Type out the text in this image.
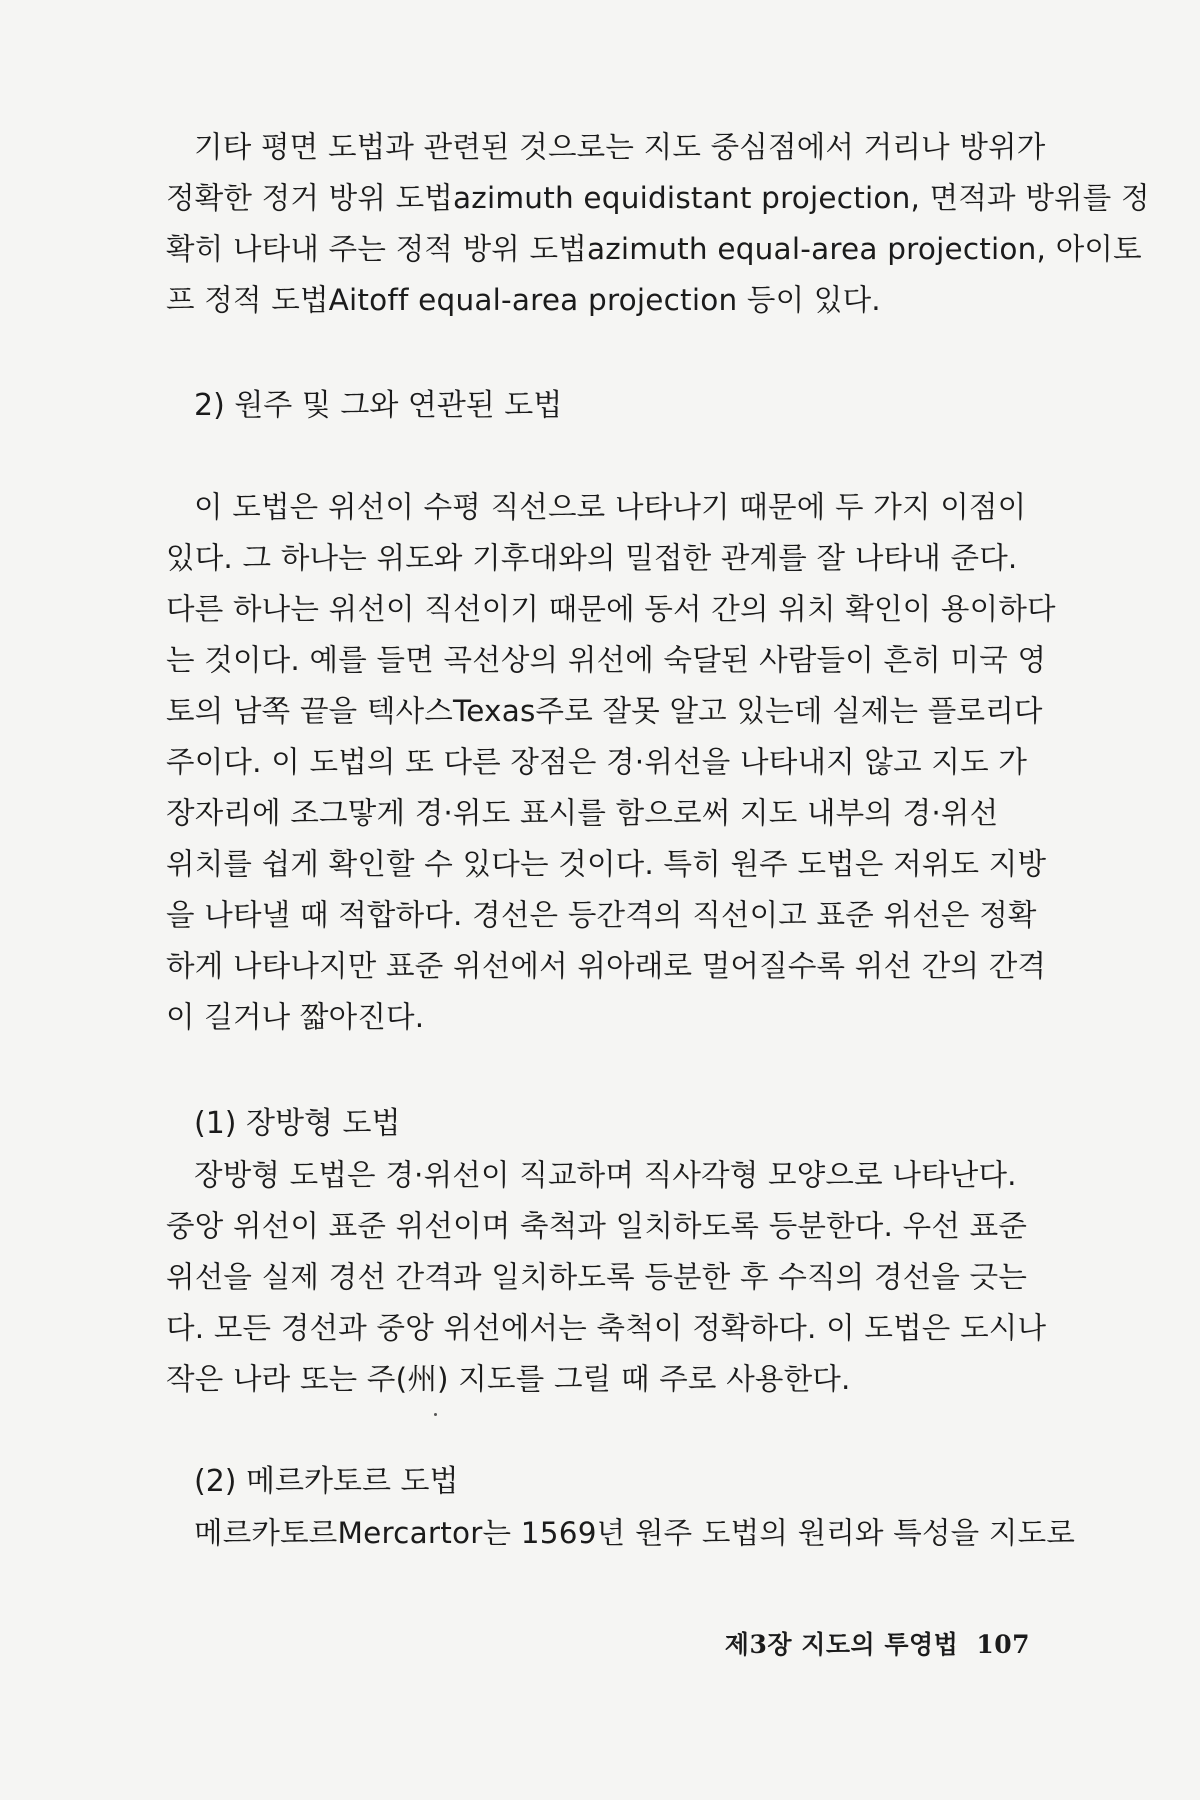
기타 평면 도법과 관련된 것으로는 지도 중심점에서 거리나 방위가
정확한 정거 방위 도법azimuth equidistant projection, 면적과 방위를 정
확히 나타내 주는 정적 방위 도법azimuth equal-area projection, 아이토
프 정적 도법Aitoff equal-area projection 등이 있다.
2) 원주 및 그와 연관된 도법
이 도법은 위선이 수평 직선으로 나타나기 때문에 두 가지 이점이
있다. 그 하나는 위도와 기후대와의 밀접한 관계를 잘 나타내 준다.
다른 하나는 위선이 직선이기 때문에 동서 간의 위치 확인이 용이하다
는 것이다. 예를 들면 곡선상의 위선에 숙달된 사람들이 흔히 미국 영
토의 남쪽 끝을 텍사스Texas주로 잘못 알고 있는데 실제는 플로리다
주이다. 이 도법의 또 다른 장점은 경·위선을 나타내지 않고 지도 가
장자리에 조그맣게 경·위도 표시를 함으로써 지도 내부의 경·위선
위치를 쉽게 확인할 수 있다는 것이다. 특히 원주 도법은 저위도 지방
을 나타낼 때 적합하다. 경선은 등간격의 직선이고 표준 위선은 정확
하게 나타나지만 표준 위선에서 위아래로 멀어질수록 위선 간의 간격
이 길거나 짧아진다.
(1) 장방형 도법
장방형 도법은 경·위선이 직교하며 직사각형 모양으로 나타난다.
중앙 위선이 표준 위선이며 축척과 일치하도록 등분한다. 우선 표준
위선을 실제 경선 간격과 일치하도록 등분한 후 수직의 경선을 긋는
다. 모든 경선과 중앙 위선에서는 축척이 정확하다. 이 도법은 도시나
작은 나라 또는 주(州) 지도를 그릴 때 주로 사용한다.
(2) 메르카토르 도법
메르카토르Mercartor는 1569년 원주 도법의 원리와 특성을 지도로
제3장 지도의 투영법 107
